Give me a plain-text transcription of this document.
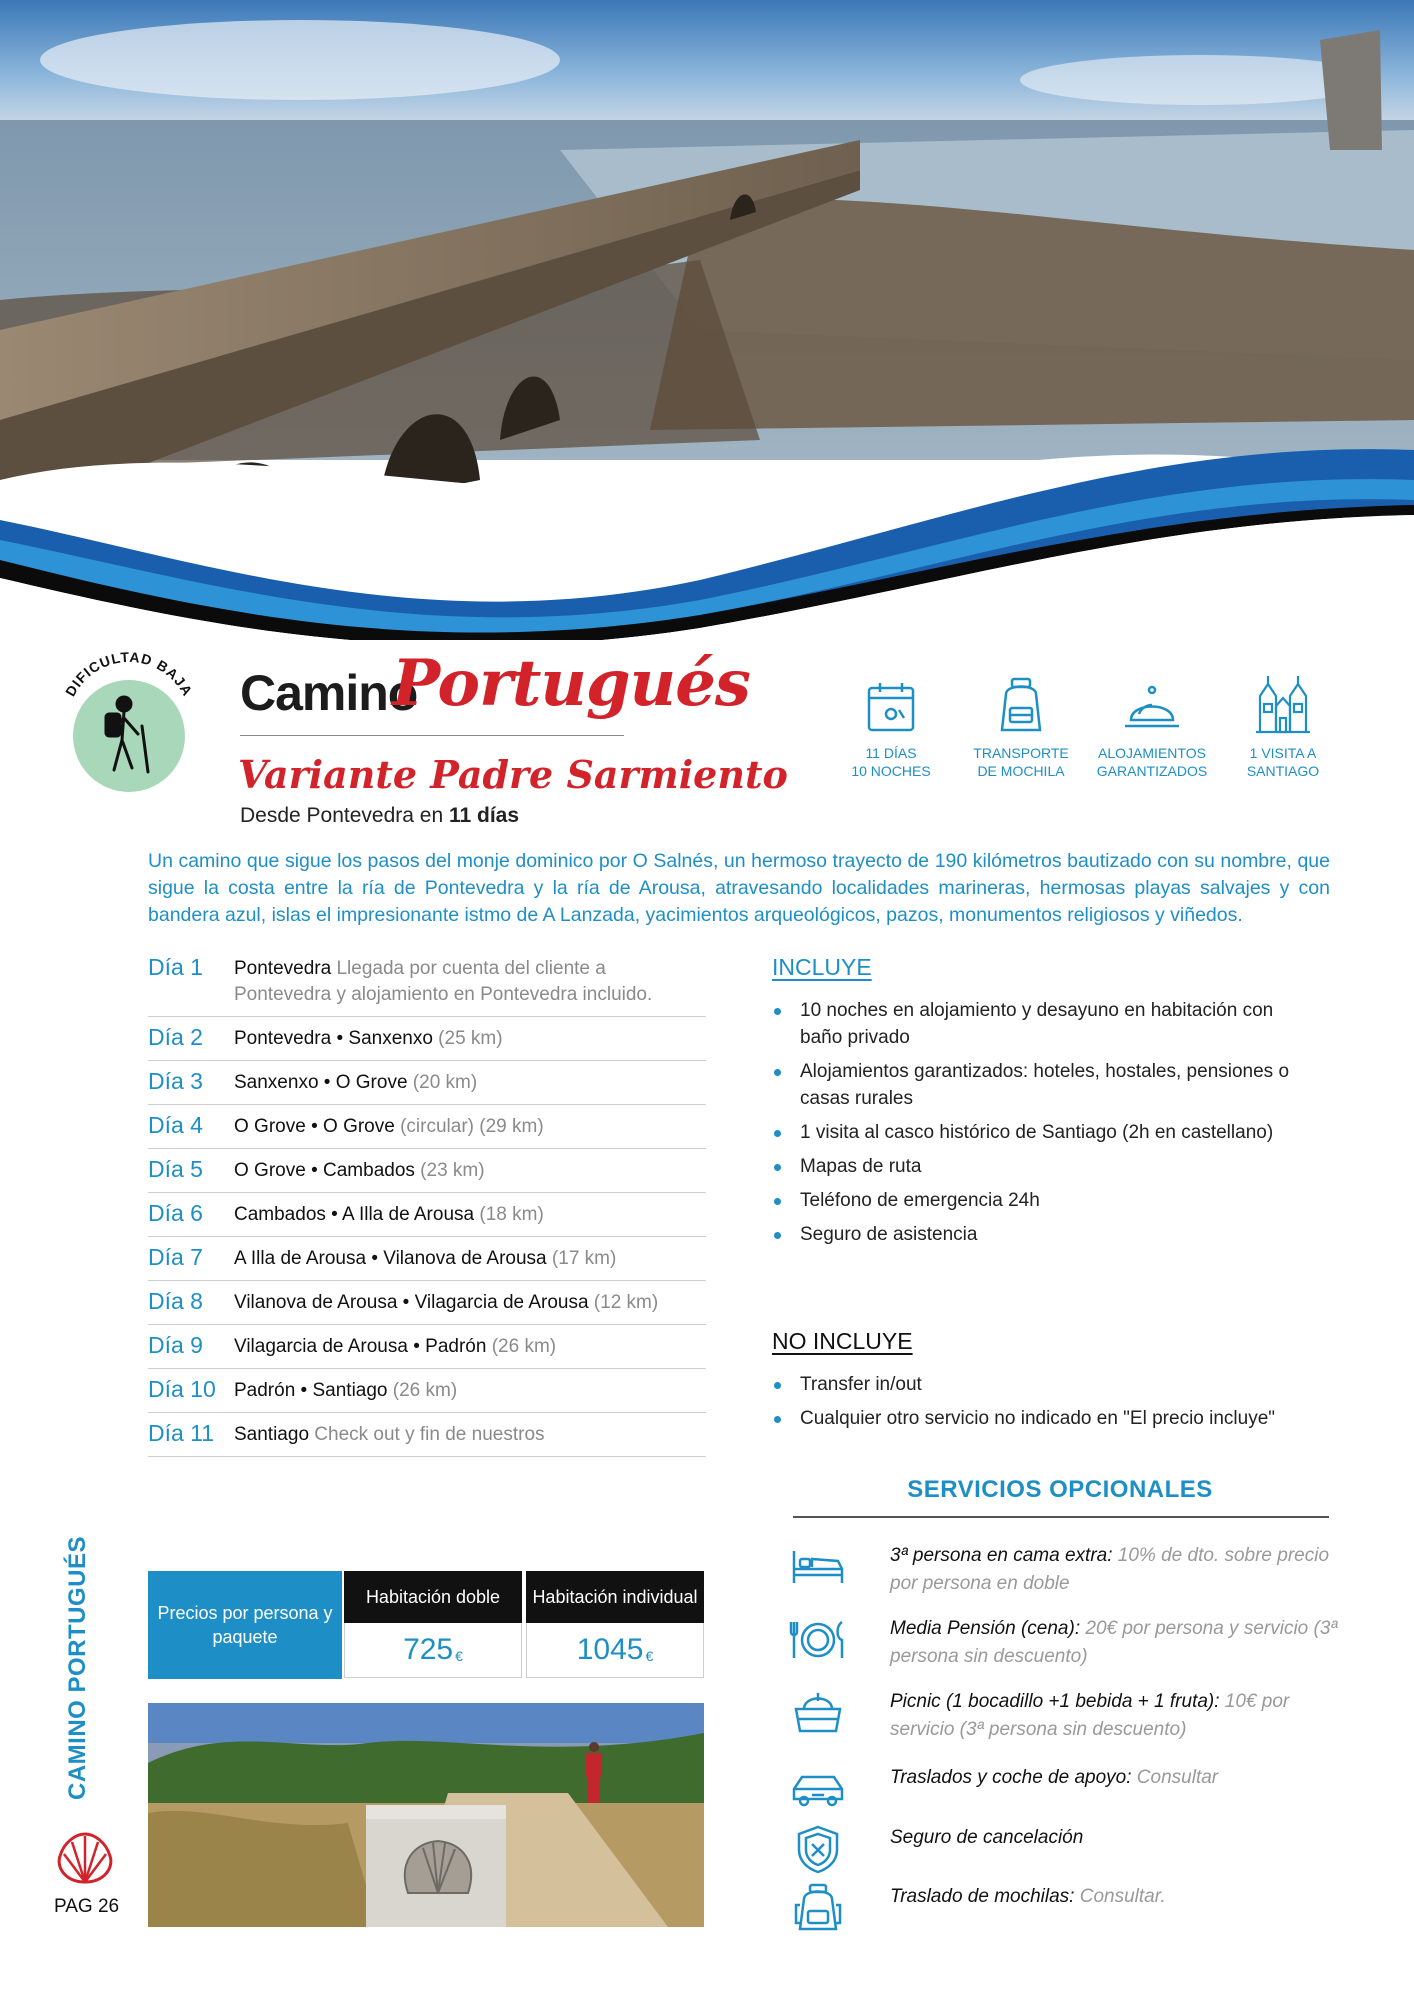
DIFICULTAD BAJA Camino
Portugués
Variante Padre Sarmiento
Desde Pontevedra en 11 días
11 DÍAS
10 NOCHES
TRANSPORTE
DE MOCHILA
ALOJAMIENTOS
GARANTIZADOS
1 VISITA A
SANTIAGO
Un camino que sigue los pasos del monje dominico por O Salnés, un hermoso trayecto de 190 kilómetros bautizado con su nombre, que sigue la costa entre la ría de Pontevedra y la ría de Arousa, atravesando localidades marineras, hermosas playas salvajes y con bandera azul, islas el impresionante istmo de A Lanzada, yacimientos arqueológicos, pazos, monumentos religiosos y viñedos.
Día 1	Pontevedra Llegada por cuenta del cliente a Pontevedra y alojamiento en Pontevedra incluido.
Día 2	Pontevedra • Sanxenxo (25 km)
Día 3	Sanxenxo • O Grove (20 km)
Día 4	O Grove • O Grove (circular) (29 km)
Día 5	O Grove • Cambados (23 km)
Día 6	Cambados • A Illa de Arousa (18 km)
Día 7	A Illa de Arousa • Vilanova de Arousa (17 km)
Día 8	Vilanova de Arousa • Vilagarcia de Arousa (12 km)
Día 9	Vilagarcia de Arousa • Padrón (26 km)
Día 10 Padrón • Santiago (26 km)
Día 11	Santiago Check out y fin de nuestros
Precios por persona y paquete
Habitación doble
725 €
Habitación individual
1045 €
CAMINO PORTUGUÉS
PAG 26
INCLUYE
10 noches en alojamiento y desayuno en habitación con baño privado
Alojamientos garantizados: hoteles, hostales, pensiones o casas rurales
1 visita al casco histórico de Santiago (2h en castellano)
Mapas de ruta
Teléfono de emergencia 24h
Seguro de asistencia
NO INCLUYE
Transfer in/out
Cualquier otro servicio no indicado en "El precio incluye"
SERVICIOS OPCIONALES
3ª persona en cama extra: 10% de dto. sobre precio por persona en doble
Media Pensión (cena): 20€ por persona y servicio (3ª persona sin descuento)
Picnic (1 bocadillo +1 bebida + 1 fruta): 10€ por servicio (3ª persona sin descuento)
Traslados y coche de apoyo: Consultar
Seguro de cancelación
Traslado de mochilas: Consultar.
